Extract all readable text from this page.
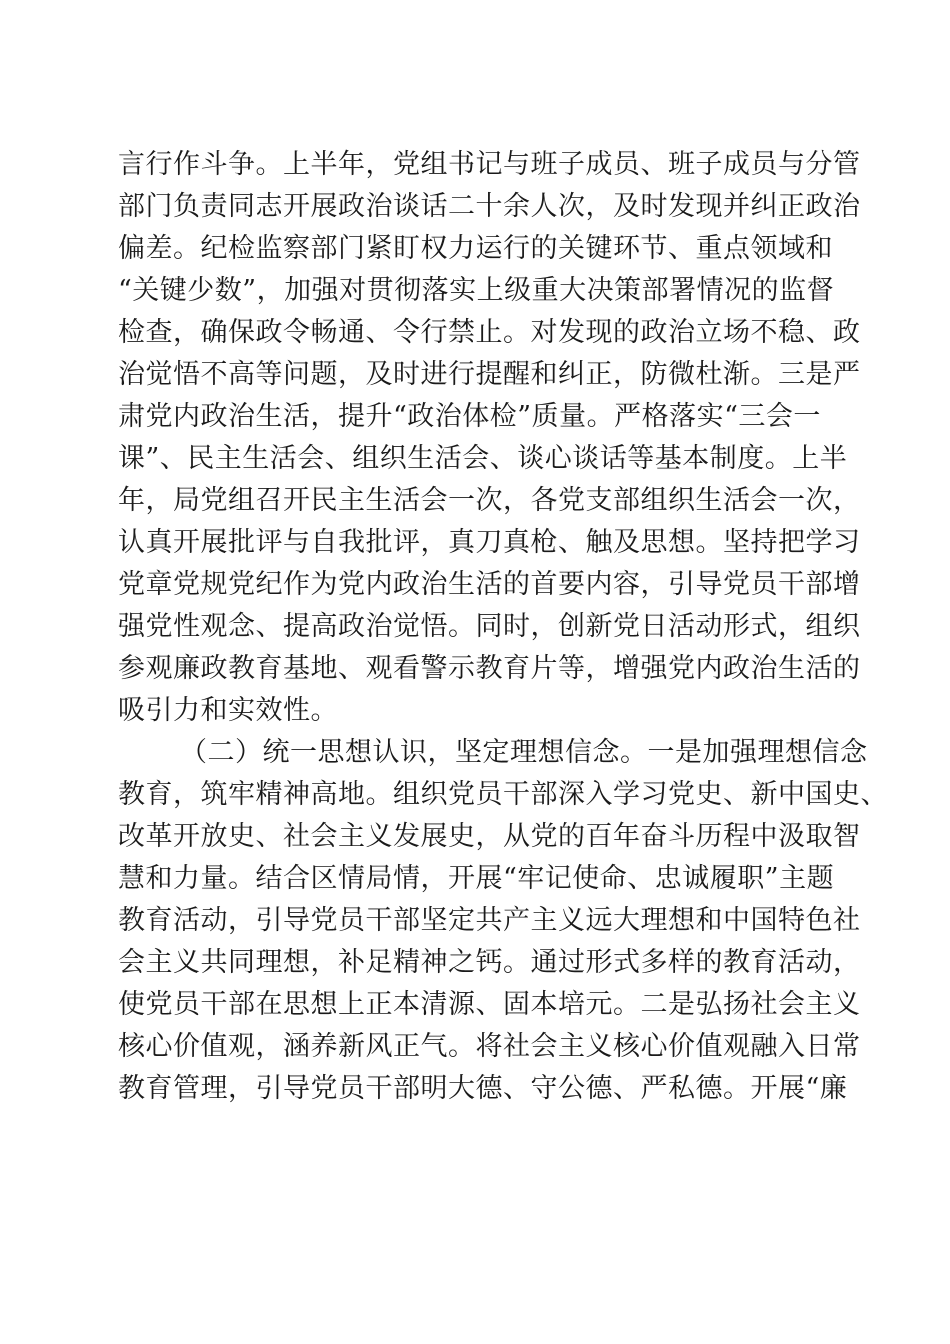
言行作斗争。上半年，党组书记与班子成员、班子成员与分管
部门负责同志开展政治谈话二十余人次，及时发现并纠正政治
偏差。纪检监察部门紧盯权力运行的关键环节、重点领域和
“关键少数”，加强对贯彻落实上级重大决策部署情况的监督
检查，确保政令畅通、令行禁止。对发现的政治立场不稳、政
治觉悟不高等问题，及时进行提醒和纠正，防微杜渐。三是严
肃党内政治生活，提升“政治体检”质量。严格落实“三会一
课”、民主生活会、组织生活会、谈心谈话等基本制度。上半
年，局党组召开民主生活会一次，各党支部组织生活会一次，
认真开展批评与自我批评，真刀真枪、触及思想。坚持把学习
党章党规党纪作为党内政治生活的首要内容，引导党员干部增
强党性观念、提高政治觉悟。同时，创新党日活动形式，组织
参观廉政教育基地、观看警示教育片等，增强党内政治生活的
吸引力和实效性。
（二）统一思想认识，坚定理想信念。一是加强理想信念
教育，筑牢精神高地。组织党员干部深入学习党史、新中国史、
改革开放史、社会主义发展史，从党的百年奋斗历程中汲取智
慧和力量。结合区情局情，开展“牢记使命、忠诚履职”主题
教育活动，引导党员干部坚定共产主义远大理想和中国特色社
会主义共同理想，补足精神之钙。通过形式多样的教育活动，
使党员干部在思想上正本清源、固本培元。二是弘扬社会主义
核心价值观，涵养新风正气。将社会主义核心价值观融入日常
教育管理，引导党员干部明大德、守公德、严私德。开展“廉
